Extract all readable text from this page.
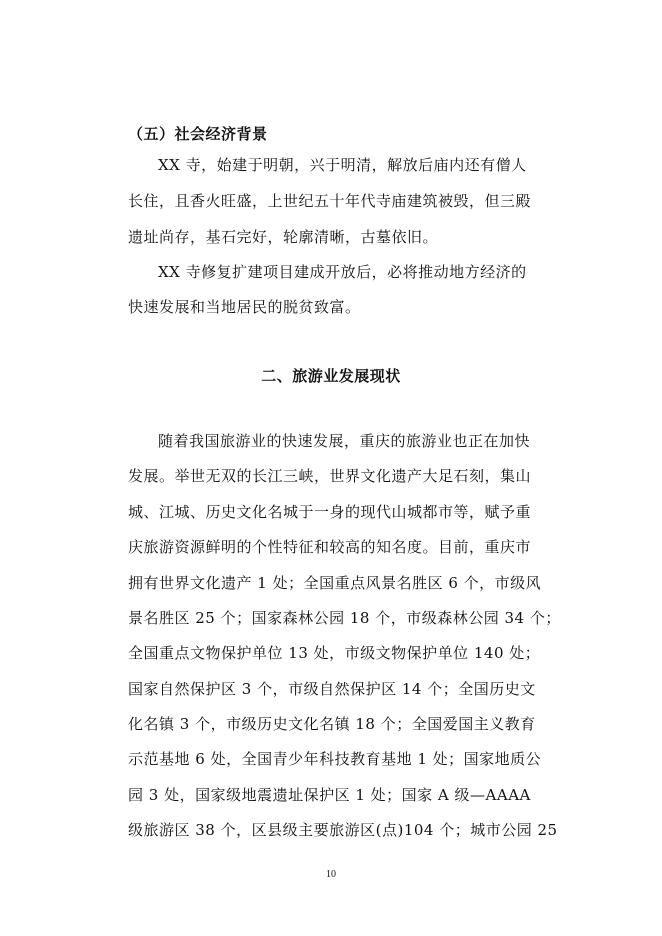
（五）社会经济背景
XX 寺，始建于明朝，兴于明清，解放后庙内还有僧人
长住，且香火旺盛，上世纪五十年代寺庙建筑被毁，但三殿
遗址尚存，基石完好，轮廓清晰，古墓依旧。
XX 寺修复扩建项目建成开放后，必将推动地方经济的
快速发展和当地居民的脱贫致富。
二、旅游业发展现状
随着我国旅游业的快速发展，重庆的旅游业也正在加快
发展。举世无双的长江三峡，世界文化遗产大足石刻，集山
城、江城、历史文化名城于一身的现代山城都市等，赋予重
庆旅游资源鲜明的个性特征和较高的知名度。目前，重庆市
拥有世界文化遗产 1 处；全国重点风景名胜区 6 个，市级风
景名胜区 25 个；国家森林公园 18 个，市级森林公园 34 个；
全国重点文物保护单位 13 处，市级文物保护单位 140 处；
国家自然保护区 3 个，市级自然保护区 14 个；全国历史文
化名镇 3 个，市级历史文化名镇 18 个；全国爱国主义教育
示范基地 6 处，全国青少年科技教育基地 1 处；国家地质公
园 3 处，国家级地震遗址保护区 1 处；国家 A 级—AAAA
级旅游区 38 个，区县级主要旅游区(点)104 个；城市公园 25
10
